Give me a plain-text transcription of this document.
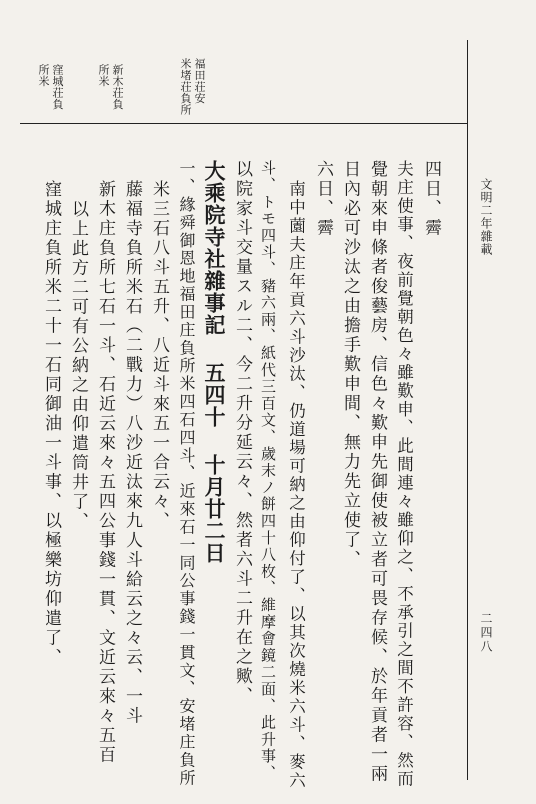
文明二年雜載
二四八
福田荘安
米堵荘負所
新木荘負
所米
窪城荘負
所米
四日、霽
夫庄使事、夜前覺朝色々雖歎申、此間連々雖仰之、不承引之間不許容、然而
覺朝來申條者俊藝房、信色々歎申先御使被立者可畏存候、於年貢者一兩
日內必可沙汰之由擔手歎申間、無力先立使了、
六日、霽
南中薗夫庄年貢六斗沙汰、仍道場可納之由仰付了、以其次燒米六斗、麥六
斗、トモ四斗、豬六兩、紙代三百文、歲末ノ餅四十八枚、維摩會鏡二面、此升事、
以院家斗交量スル二、今二升分延云々、然者六斗二升在之歟、
大乘院寺社雜事記 五四十 十月廿二日
一、緣舜御恩地福田庄負所米四石四斗、近來石一同公事錢一貫文、安堵庄負所
米三石八斗五升、八近斗來五一合云々、
藤福寺負所米石（二戰力）八沙近汰來九人斗給云之々云、一斗
新木庄負所七石一斗、石近云來々五四公事錢一貫、文近云來々五百
以上此方二可有公納之由仰遣筒井了、
窪城庄負所米二十一石同御油一斗事、以極樂坊仰遣了、
